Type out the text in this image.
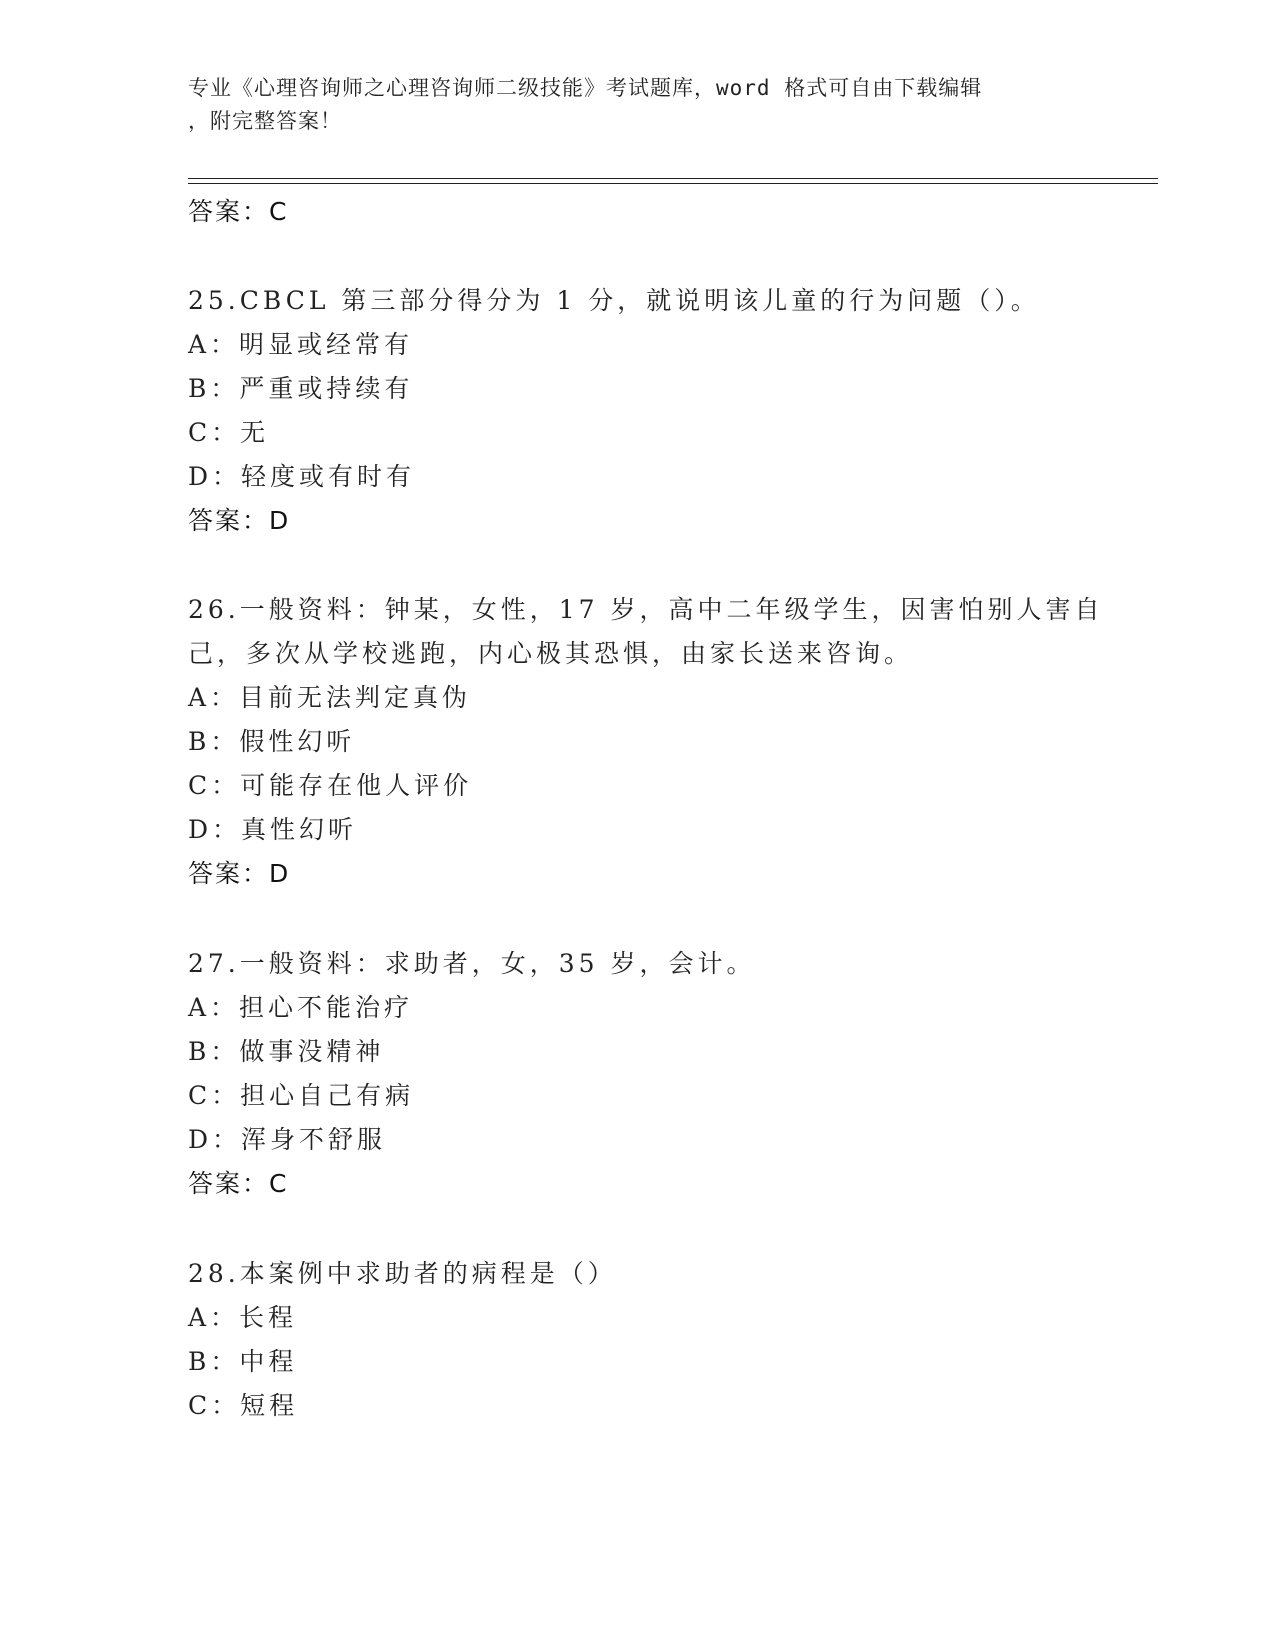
专业《心理咨询师之心理咨询师二级技能》考试题库，word 格式可自由下载编辑
，附完整答案！
答案：C
25.CBCL 第三部分得分为 1 分，就说明该儿童的行为问题（）。
A：明显或经常有
B：严重或持续有
C：无
D：轻度或有时有
答案：D
26.一般资料：钟某，女性，17 岁，高中二年级学生，因害怕别人害自
己，多次从学校逃跑，内心极其恐惧，由家长送来咨询。
A：目前无法判定真伪
B：假性幻听
C：可能存在他人评价
D：真性幻听
答案：D
27.一般资料：求助者，女，35 岁，会计。
A：担心不能治疗
B：做事没精神
C：担心自己有病
D：浑身不舒服
答案：C
28.本案例中求助者的病程是（）
A：长程
B：中程
C：短程
